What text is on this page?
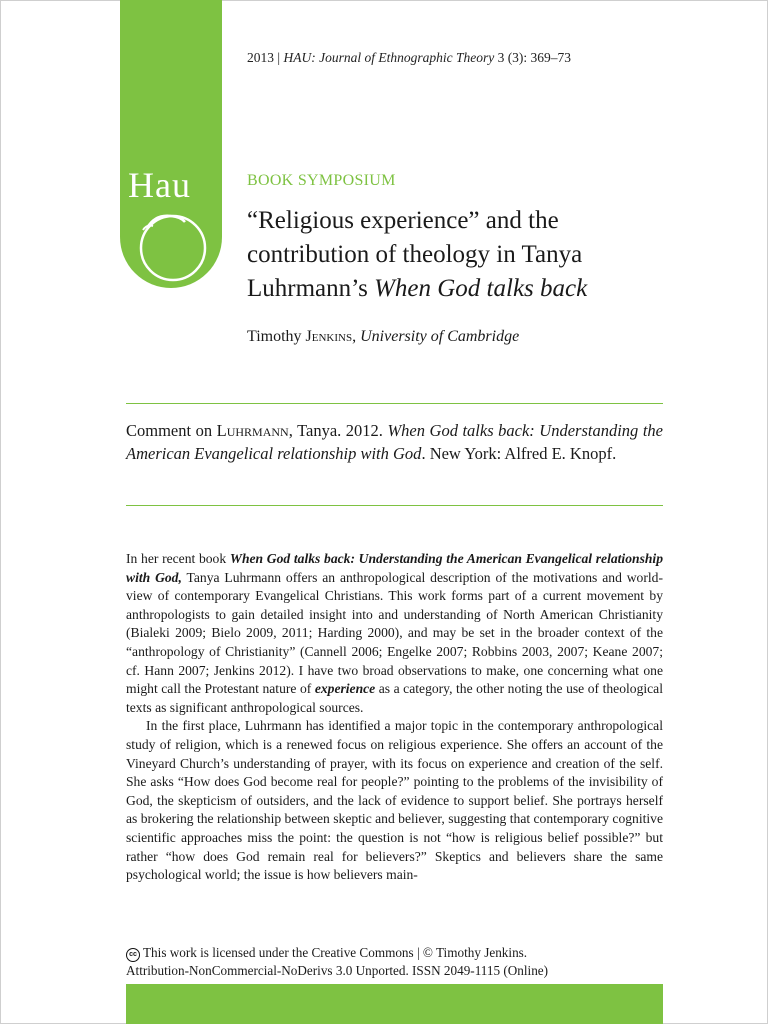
Hau
2013 | HAU: Journal of Ethnographic Theory 3 (3): 369–73
BOOK SYMPOSIUM
“Religious experience” and the contribution of theology in Tanya Luhrmann’s When God talks back
Timothy Jenkins, University of Cambridge

Comment on Luhrmann, Tanya. 2012. When God talks back: Understanding the American Evangelical relationship with God. New York: Alfred E. Knopf.

In her recent book When God talks back: Understanding the American Evangelical relationship with God, Tanya Luhrmann offers an anthropological description of the motivations and world-view of contemporary Evangelical Christians. This work forms part of a current movement by anthropologists to gain detailed insight into and understanding of North American Christianity (Bialeki 2009; Bielo 2009, 2011; Harding 2000), and may be set in the broader context of the “anthropology of Christianity” (Cannell 2006; Engelke 2007; Robbins 2003, 2007; Keane 2007; cf. Hann 2007; Jenkins 2012). I have two broad observations to make, one concerning what one might call the Protestant nature of experience as a category, the other noting the use of theological texts as significant anthropological sources.

In the first place, Luhrmann has identified a major topic in the contemporary anthropological study of religion, which is a renewed focus on religious experience. She offers an account of the Vineyard Church’s understanding of prayer, with its focus on experience and creation of the self. She asks “How does God become real for people?” pointing to the problems of the invisibility of God, the skepticism of outsiders, and the lack of evidence to support belief. She portrays herself as brokering the relationship between skeptic and believer, suggesting that contemporary cognitive scientific approaches miss the point: the question is not “how is religious belief possible?” but rather “how does God remain real for believers?” Skeptics and believers share the same psychological world; the issue is how believers main-

cc This work is licensed under the Creative Commons | © Timothy Jenkins.
Attribution-NonCommercial-NoDerivs 3.0 Unported. ISSN 2049-1115 (Online)
